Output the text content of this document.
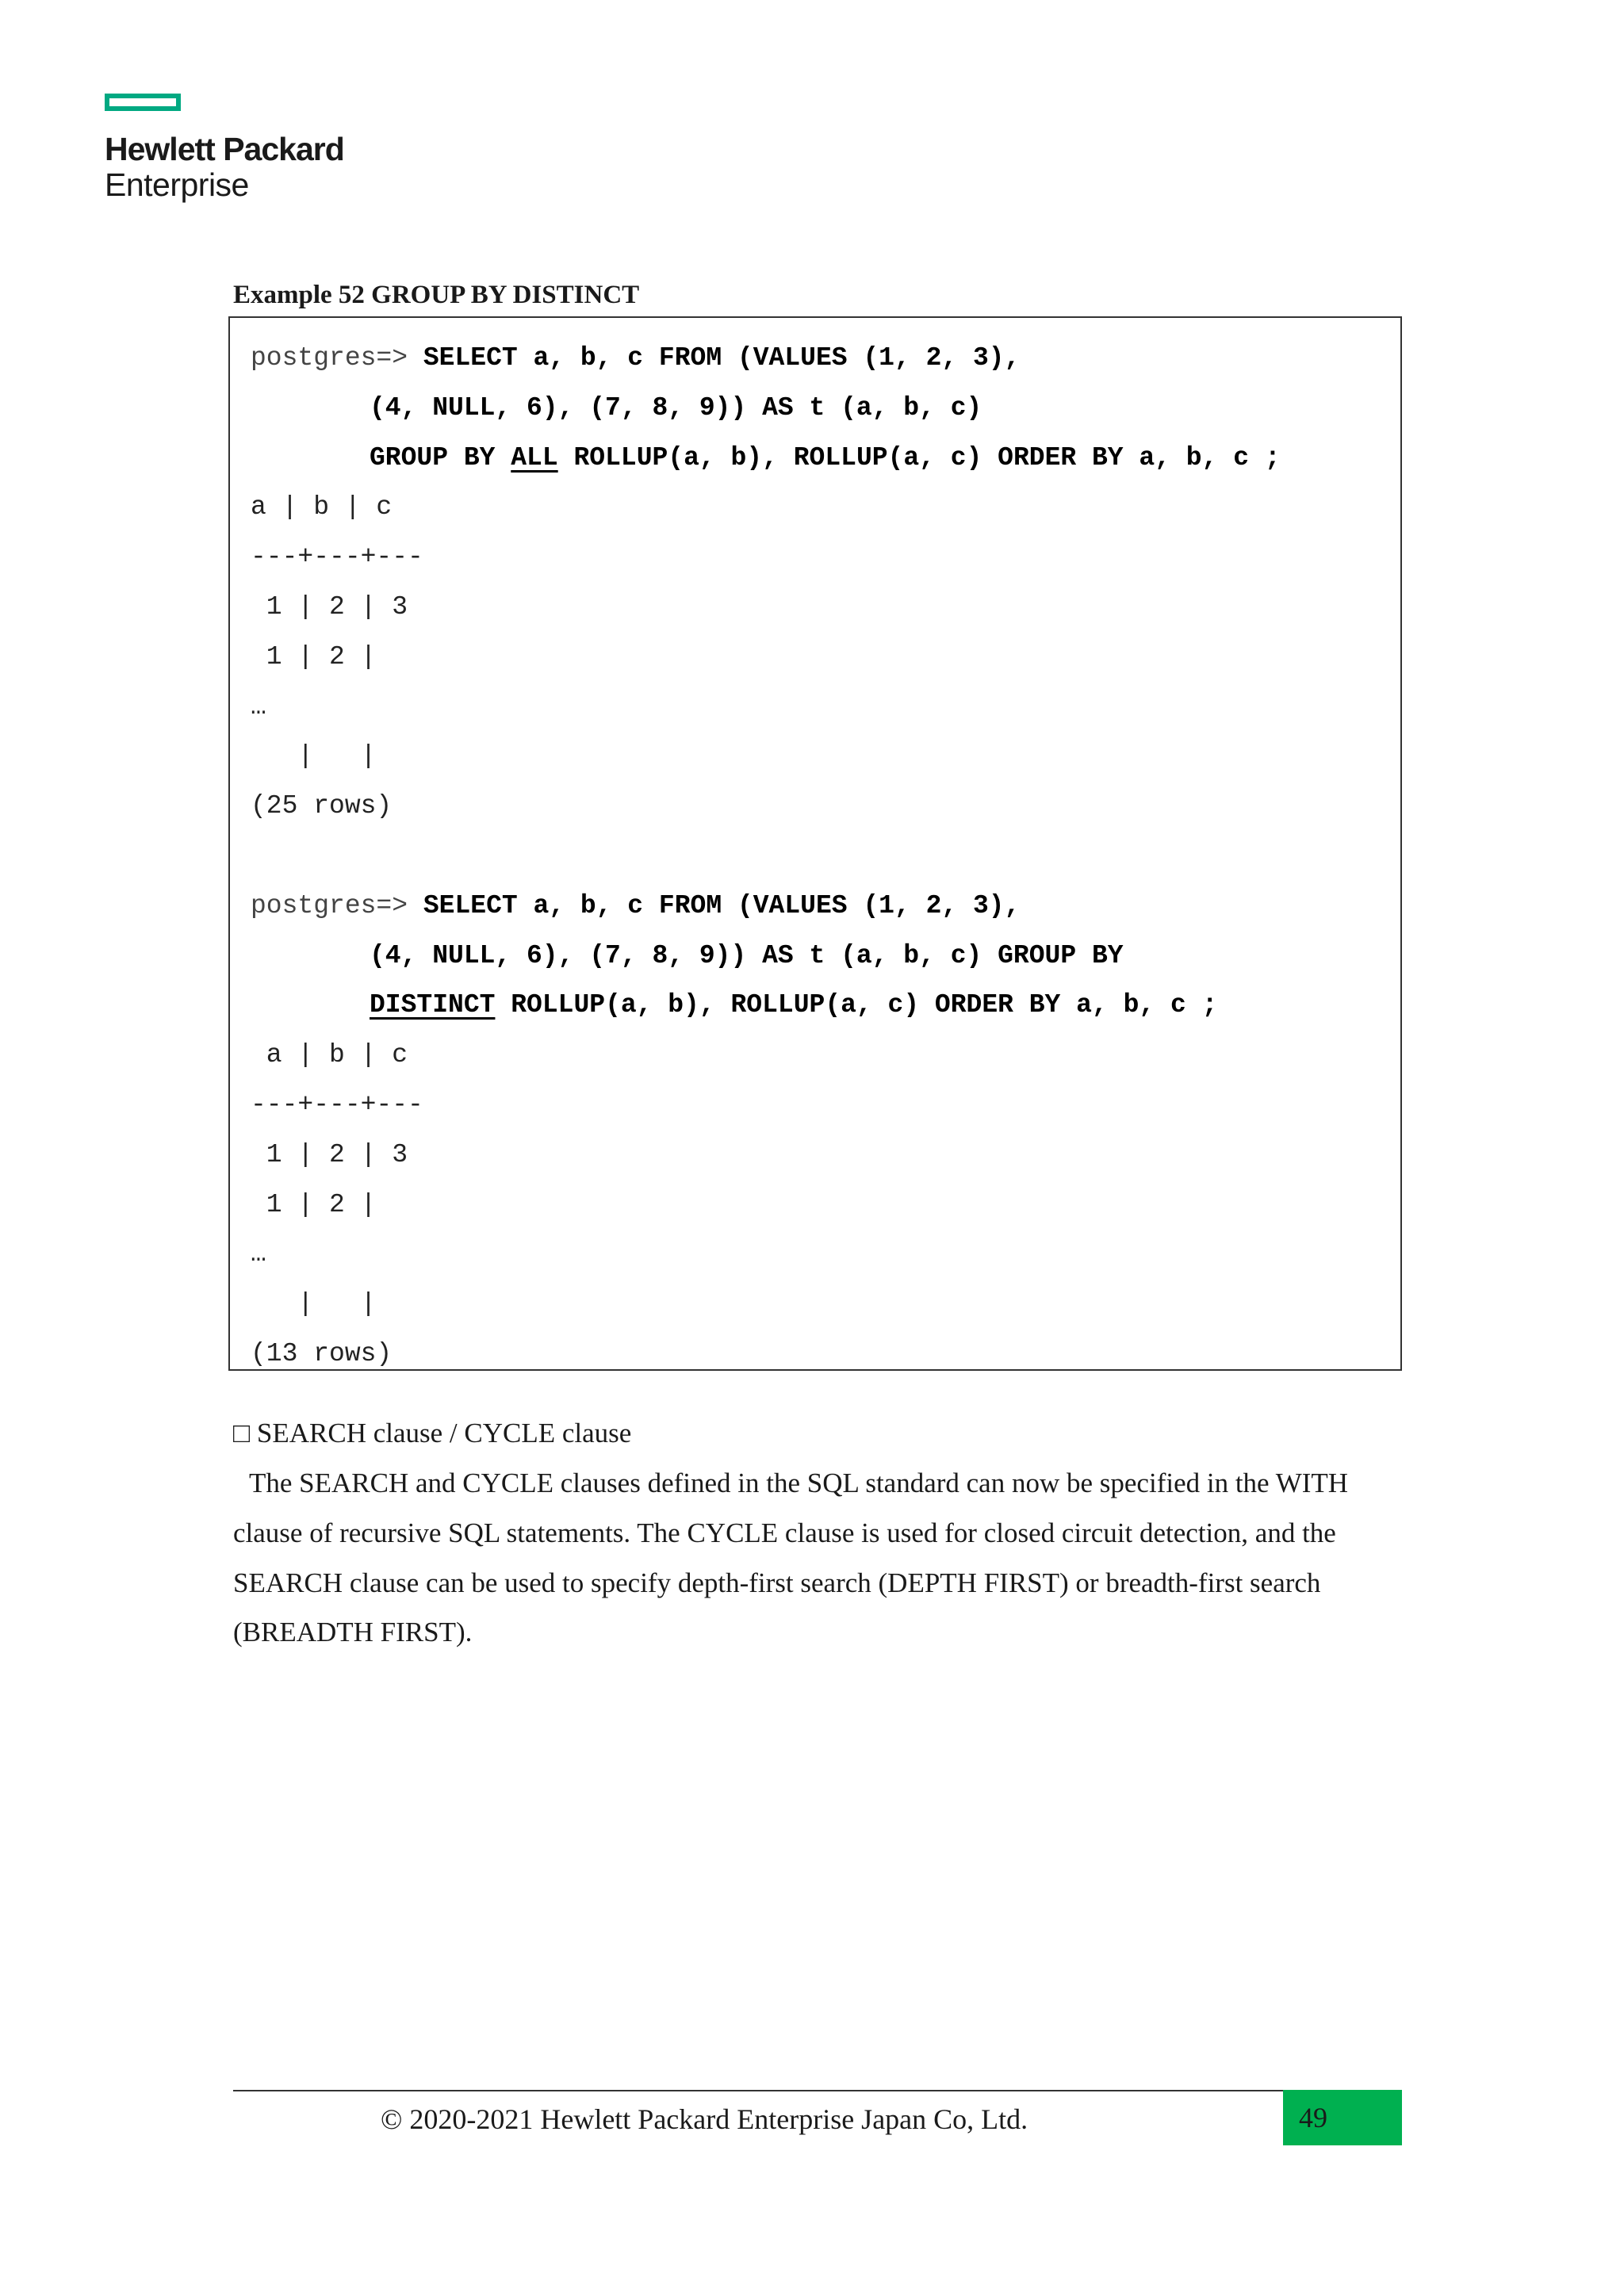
Hewlett Packard
Enterprise
Example 52 GROUP BY DISTINCT
postgres=> SELECT a, b, c FROM (VALUES (1, 2, 3),
(4, NULL, 6), (7, 8, 9)) AS t (a, b, c)
GROUP BY ALL ROLLUP(a, b), ROLLUP(a, c) ORDER BY a, b, c ;
a | b | c
---+---+---
1 | 2 | 3
1 | 2 |
…
|   |
(25 rows)
postgres=> SELECT a, b, c FROM (VALUES (1, 2, 3),
(4, NULL, 6), (7, 8, 9)) AS t (a, b, c) GROUP BY
DISTINCT ROLLUP(a, b), ROLLUP(a, c) ORDER BY a, b, c ;
a | b | c
---+---+---
1 | 2 | 3
1 | 2 |
…
|   |
(13 rows)
□ SEARCH clause / CYCLE clause

The SEARCH and CYCLE clauses defined in the SQL standard can now be specified in the WITH

clause of recursive SQL statements. The CYCLE clause is used for closed circuit detection, and the

SEARCH clause can be used to specify depth-first search (DEPTH FIRST) or breadth-first search

(BREADTH FIRST).

© 2020-2021 Hewlett Packard Enterprise Japan Co, Ltd.	49
